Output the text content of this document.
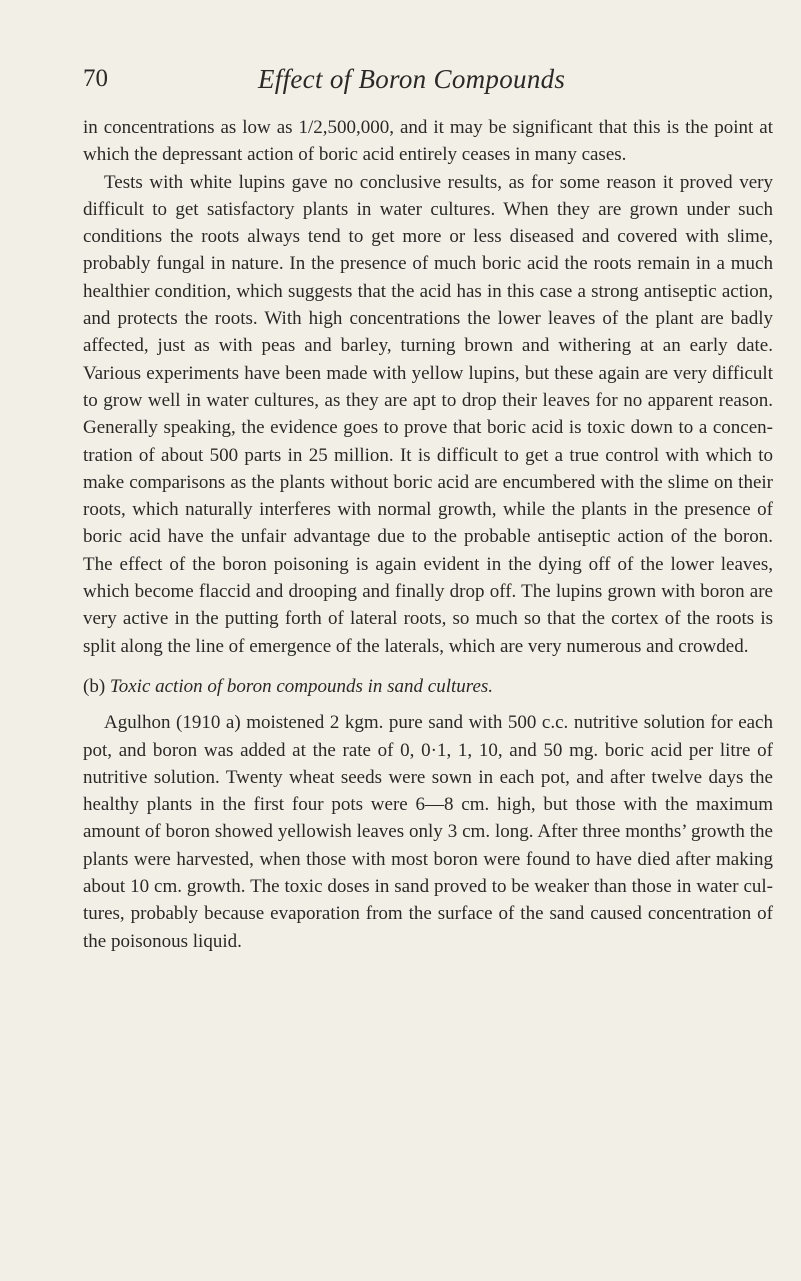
70	Effect of Boron Compounds

in concentrations as low as 1/2,500,000, and it may be significant that this is the point at which the depressant action of boric acid entirely ceases in many cases.

Tests with white lupins gave no conclusive results, as for some reason it proved very difficult to get satisfactory plants in water cultures. When they are grown under such conditions the roots always tend to get more or less diseased and covered with slime, probably fungal in nature. In the presence of much boric acid the roots remain in a much healthier condition, which suggests that the acid has in this case a strong antiseptic action, and protects the roots. With high concentrations the lower leaves of the plant are badly affected, just as with peas and barley, turning brown and withering at an early date. Various experiments have been made with yellow lupins, but these again are very difficult to grow well in water cultures, as they are apt to drop their leaves for no apparent reason. Generally speaking, the evidence goes to prove that boric acid is toxic down to a concentration of about 500 parts in 25 million. It is difficult to get a true control with which to make comparisons as the plants without boric acid are encumbered with the slime on their roots, which naturally interferes with normal growth, while the plants in the presence of boric acid have the unfair advantage due to the probable antiseptic action of the boron. The effect of the boron poisoning is again evident in the dying off of the lower leaves, which become flaccid and drooping and finally drop off. The lupins grown with boron are very active in the putting forth of lateral roots, so much so that the cortex of the roots is split along the line of emergence of the laterals, which are very numerous and crowded.

(b) Toxic action of boron compounds in sand cultures.

Agulhon (1910 a) moistened 2 kgm. pure sand with 500 c.c. nutritive solution for each pot, and boron was added at the rate of 0, 0·1, 1, 10, and 50 mg. boric acid per litre of nutritive solution. Twenty wheat seeds were sown in each pot, and after twelve days the healthy plants in the first four pots were 6—8 cm. high, but those with the maximum amount of boron showed yellowish leaves only 3 cm. long. After three months’ growth the plants were harvested, when those with most boron were found to have died after making about 10 cm. growth. The toxic doses in sand proved to be weaker than those in water cultures, probably because evaporation from the surface of the sand caused concentration of the poisonous liquid.
